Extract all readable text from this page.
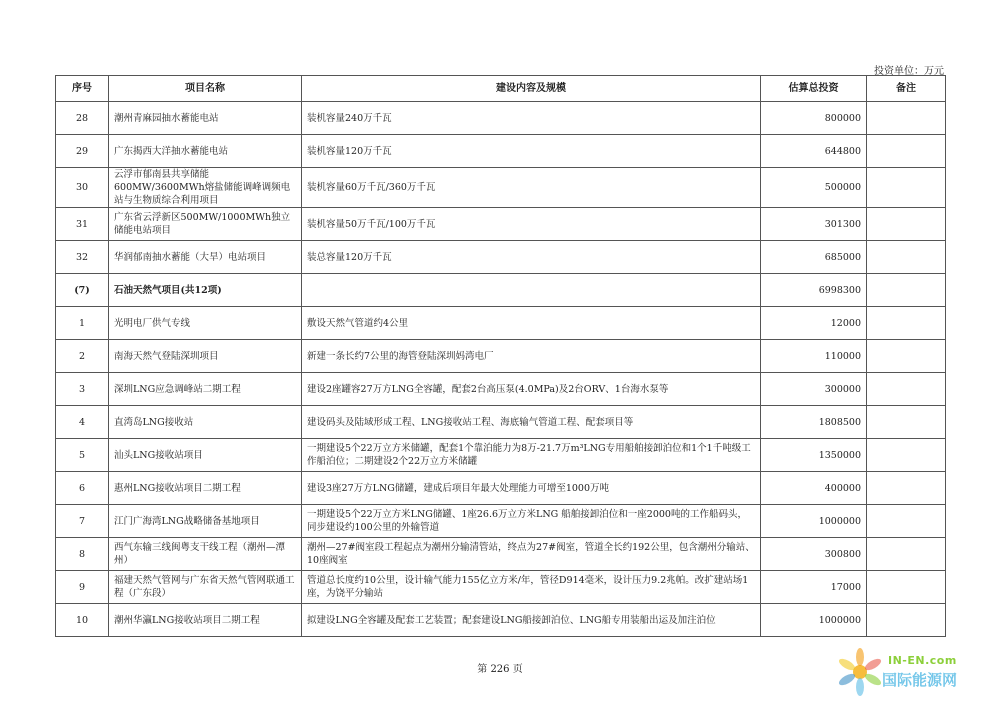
投资单位：万元
序号	项目名称	建设内容及规模	估算总投资	备注
28	潮州青麻园抽水蓄能电站	装机容量240万千瓦	800000	
29	广东揭西大洋抽水蓄能电站	装机容量120万千瓦	644800	
30	云浮市郁南县共享储能600MW/3600MWh熔盐储能调峰调频电站与生物质综合利用项目	装机容量60万千瓦/360万千瓦	500000	
31	广东省云浮新区500MW/1000MWh独立储能电站项目	装机容量50万千瓦/100万千瓦	301300	
32	华润郁南抽水蓄能（大旱）电站项目	装总容量120万千瓦	685000	
(7)	石油天然气项目(共12项)		6998300	
1	光明电厂供气专线	敷设天然气管道约4公里	12000	
2	南海天然气登陆深圳项目	新建一条长约7公里的海管登陆深圳妈湾电厂	110000	
3	深圳LNG应急调峰站二期工程	建设2座罐容27万方LNG全容罐，配套2台高压泵(4.0MPa)及2台ORV、1台海水泵等	300000	
4	直湾岛LNG接收站	建设码头及陆域形成工程、LNG接收站工程、海底输气管道工程、配套项目等	1808500	
5	汕头LNG接收站项目	一期建设5个22万立方米储罐，配套1个靠泊能力为8万-21.7万m³LNG专用船舶接卸泊位和1个1千吨级工作船泊位；二期建设2个22万立方米储罐	1350000	
6	惠州LNG接收站项目二期工程	建设3座27万方LNG储罐，建成后项目年最大处理能力可增至1000万吨	400000	
7	江门广海湾LNG战略储备基地项目	一期建设5个22万立方米LNG储罐、1座26.6万立方米LNG 船舶接卸泊位和一座2000吨的工作船码头，同步建设约100公里的外输管道	1000000	
8	西气东输三线闽粤支干线工程（潮州—潭州）	潮州—27#阀室段工程起点为潮州分输清管站，终点为27#阀室，管道全长约192公里，包含潮州分输站、10座阀室	300800	
9	福建天然气管网与广东省天然气管网联通工程（广东段）	管道总长度约10公里，设计输气能力155亿立方米/年，管径D914毫米，设计压力9.2兆帕。改扩建站场1座，为饶平分输站	17000	
10	潮州华瀛LNG接收站项目二期工程	拟建设LNG全容罐及配套工艺装置；配套建设LNG船接卸泊位、LNG船专用装船出运及加注泊位	1000000	
第 226 页
IN-EN.com
国际能源网
